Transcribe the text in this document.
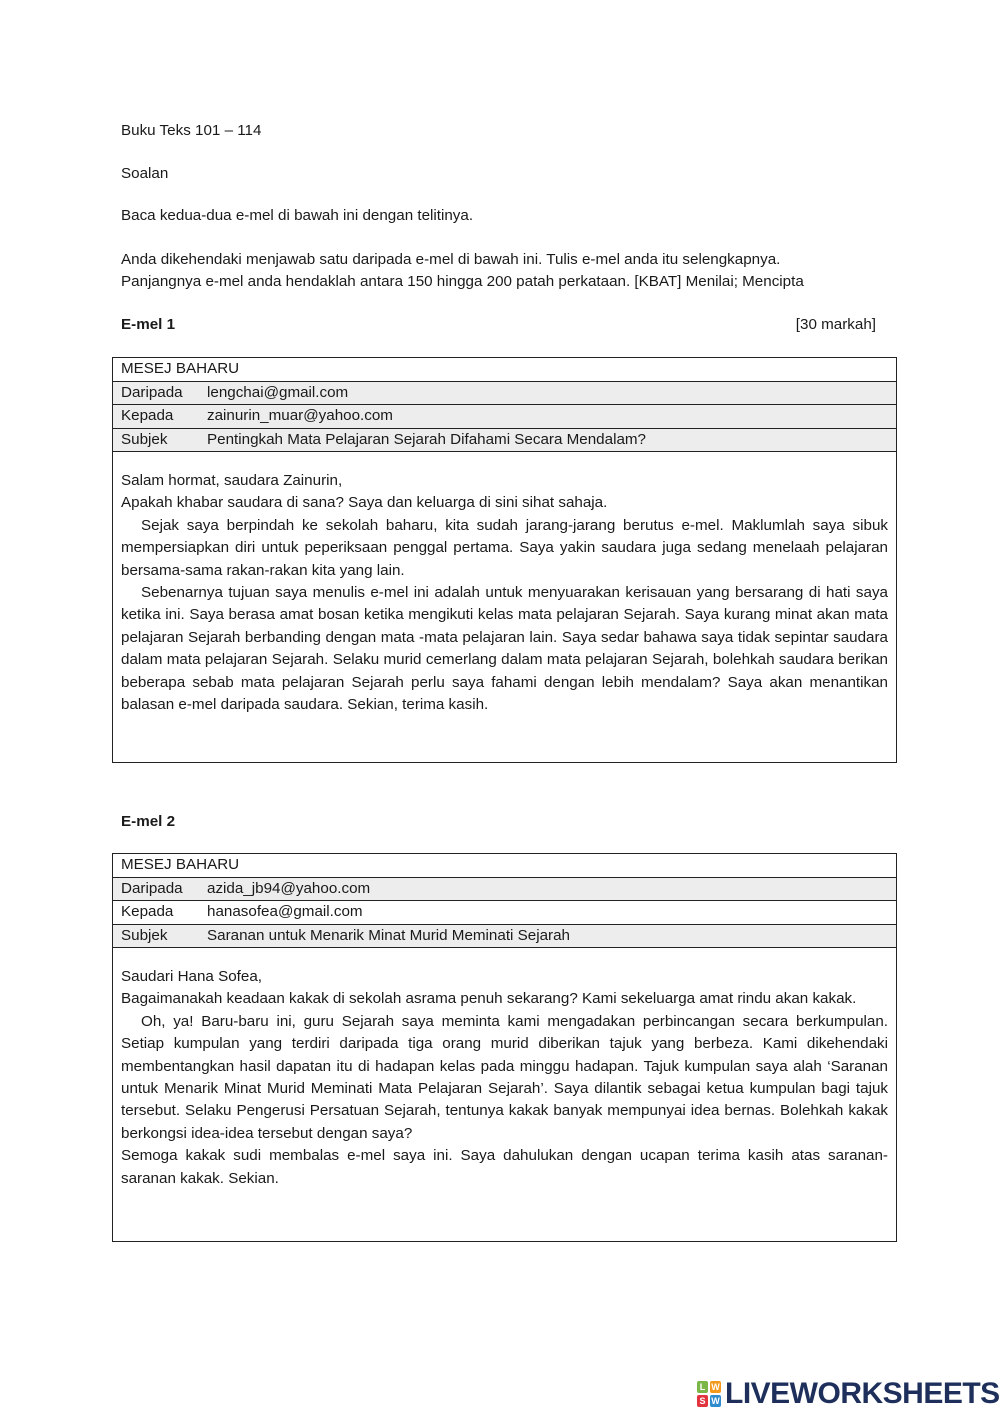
Buku Teks 101 – 114

Soalan

Baca kedua-dua e-mel di bawah ini dengan telitinya.

Anda dikehendaki menjawab satu daripada e-mel di bawah ini. Tulis e-mel anda itu selengkapnya.

Panjangnya e-mel anda hendaklah antara 150 hingga 200 patah perkataan. [KBAT] Menilai; Mencipta

E-mel 1	[30 markah]

MESEJ BAHARU
Daripada lengchai@gmail.com
Kepada zainurin_muar@yahoo.com
Subjek	Pentingkah Mata Pelajaran Sejarah Difahami Secara Mendalam?

Salam hormat, saudara Zainurin,

Apakah khabar saudara di sana? Saya dan keluarga di sini sihat sahaja.

Sejak saya berpindah ke sekolah baharu, kita sudah jarang-jarang berutus e-mel. Maklumlah saya sibuk mempersiapkan diri untuk peperiksaan penggal pertama. Saya yakin saudara juga sedang menelaah pelajaran bersama-sama rakan-rakan kita yang lain.

Sebenarnya tujuan saya menulis e-mel ini adalah untuk menyuarakan kerisauan yang bersarang di hati saya ketika ini. Saya berasa amat bosan ketika mengikuti kelas mata pelajaran Sejarah. Saya kurang minat akan mata pelajaran Sejarah berbanding dengan mata -mata pelajaran lain. Saya sedar bahawa saya tidak sepintar saudara dalam mata pelajaran Sejarah. Selaku murid cemerlang dalam mata pelajaran Sejarah, bolehkah saudara berikan beberapa sebab mata pelajaran Sejarah perlu saya fahami dengan lebih mendalam? Saya akan menantikan balasan e-mel daripada saudara. Sekian, terima kasih.

E-mel 2

MESEJ BAHARU
Daripada azida_jb94@yahoo.com
Kepada hanasofea@gmail.com
Subjek	Saranan untuk Menarik Minat Murid Meminati Sejarah

Saudari Hana Sofea,

Bagaimanakah keadaan kakak di sekolah asrama penuh sekarang? Kami sekeluarga amat rindu akan kakak.

Oh, ya! Baru-baru ini, guru Sejarah saya meminta kami mengadakan perbincangan secara berkumpulan. Setiap kumpulan yang terdiri daripada tiga orang murid diberikan tajuk yang berbeza. Kami dikehendaki membentangkan hasil dapatan itu di hadapan kelas pada minggu hadapan. Tajuk kumpulan saya alah ‘Saranan untuk Menarik Minat Murid Meminati Mata Pelajaran Sejarah’. Saya dilantik sebagai ketua kumpulan bagi tajuk tersebut. Selaku Pengerusi Persatuan Sejarah, tentunya kakak banyak mempunyai idea bernas. Bolehkah kakak berkongsi idea-idea tersebut dengan saya?

Semoga kakak sudi membalas e-mel saya ini. Saya dahulukan dengan ucapan terima kasih atas saranan-saranan kakak. Sekian.

L W
S W LIVEWORKSHEETS
